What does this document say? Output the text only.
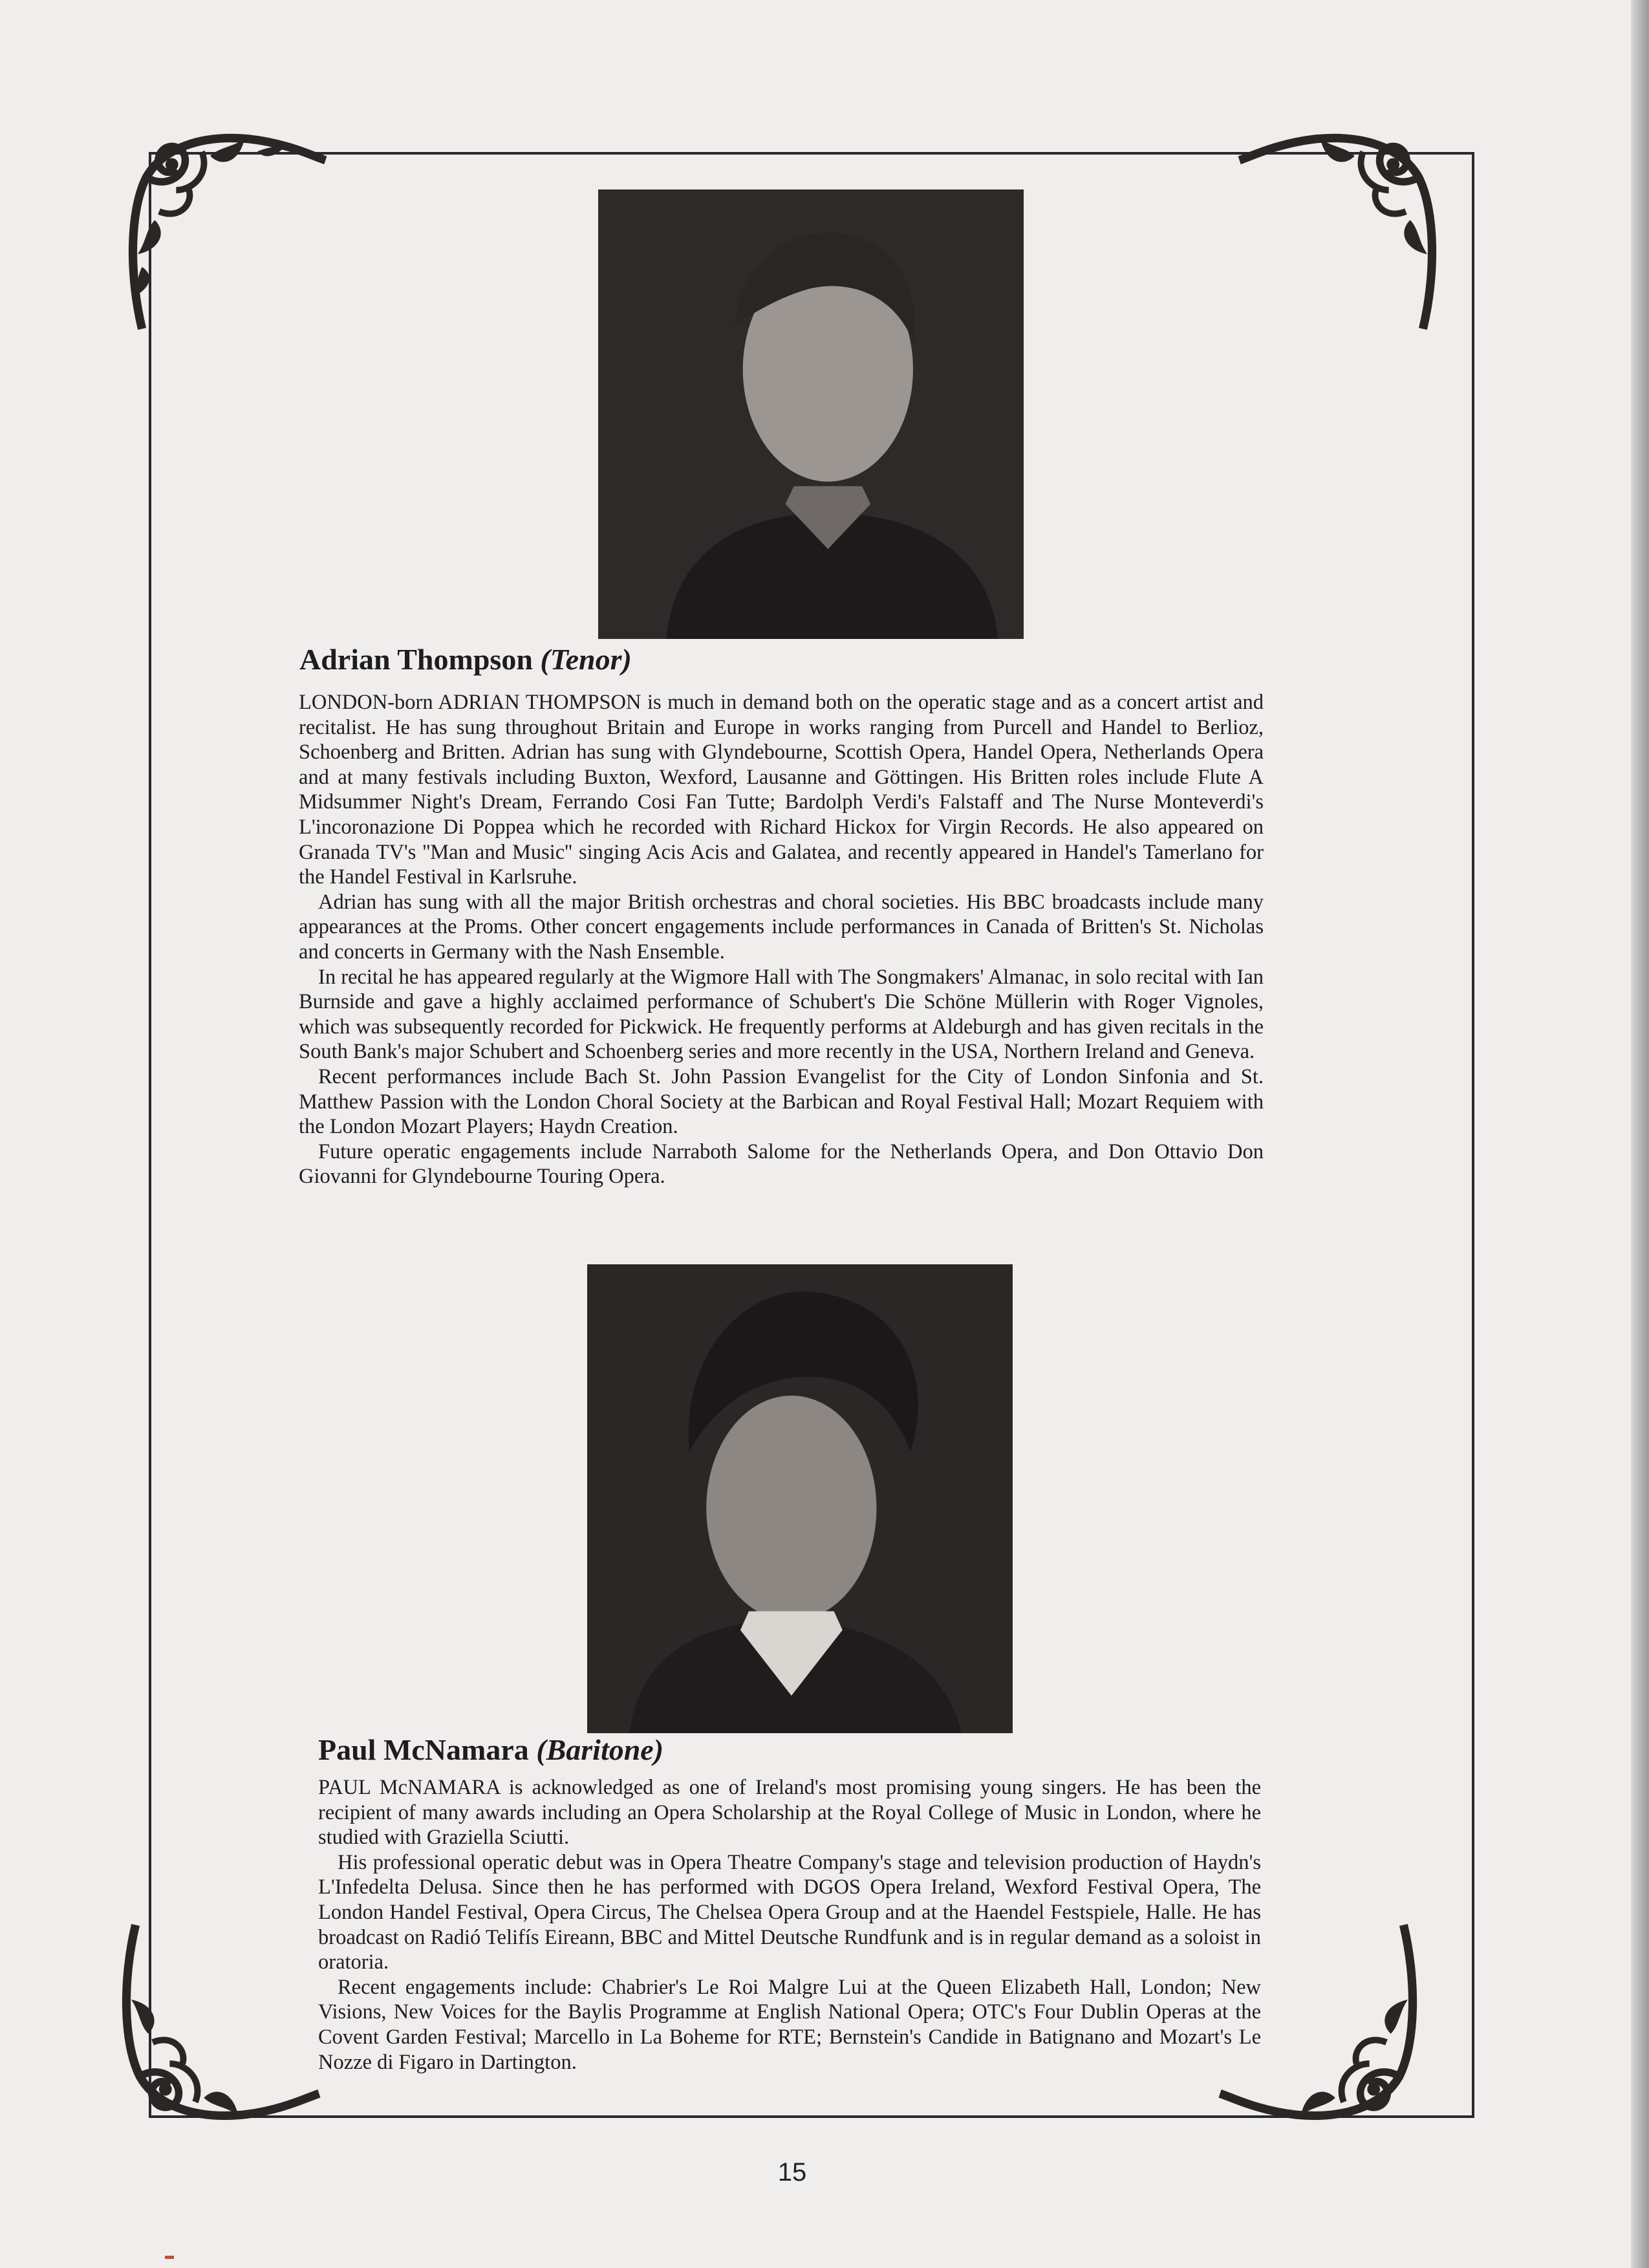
Adrian Thompson (Tenor)

LONDON-born ADRIAN THOMPSON is much in demand both on the operatic stage and as a concert artist and recitalist. He has sung throughout Britain and Europe in works ranging from Purcell and Handel to Berlioz, Schoenberg and Britten. Adrian has sung with Glyndebourne, Scottish Opera, Handel Opera, Netherlands Opera and at many festivals including Buxton, Wexford, Lausanne and Göttingen. His Britten roles include Flute A Midsummer Night's Dream, Ferrando Cosi Fan Tutte; Bardolph Verdi's Falstaff and The Nurse Monteverdi's L'incoronazione Di Poppea which he recorded with Richard Hickox for Virgin Records. He also appeared on Granada TV's ''Man and Music'' singing Acis Acis and Galatea, and recently appeared in Handel's Tamerlano for the Handel Festival in Karlsruhe.

Adrian has sung with all the major British orchestras and choral societies. His BBC broadcasts include many appearances at the Proms. Other concert engagements include performances in Canada of Britten's St. Nicholas and concerts in Germany with the Nash Ensemble.

In recital he has appeared regularly at the Wigmore Hall with The Songmakers' Almanac, in solo recital with Ian Burnside and gave a highly acclaimed performance of Schubert's Die Schöne Müllerin with Roger Vignoles, which was subsequently recorded for Pickwick. He frequently performs at Aldeburgh and has given recitals in the South Bank's major Schubert and Schoenberg series and more recently in the USA, Northern Ireland and Geneva.

Recent performances include Bach St. John Passion Evangelist for the City of London Sinfonia and St. Matthew Passion with the London Choral Society at the Barbican and Royal Festival Hall; Mozart Requiem with the London Mozart Players; Haydn Creation.

Future operatic engagements include Narraboth Salome for the Netherlands Opera, and Don Ottavio Don Giovanni for Glyndebourne Touring Opera.

Paul McNamara (Baritone)

PAUL McNAMARA is acknowledged as one of Ireland's most promising young singers. He has been the recipient of many awards including an Opera Scholarship at the Royal College of Music in London, where he studied with Graziella Sciutti.

His professional operatic debut was in Opera Theatre Company's stage and television production of Haydn's L'Infedelta Delusa. Since then he has performed with DGOS Opera Ireland, Wexford Festival Opera, The London Handel Festival, Opera Circus, The Chelsea Opera Group and at the Haendel Festspiele, Halle. He has broadcast on Radió Telifís Eireann, BBC and Mittel Deutsche Rundfunk and is in regular demand as a soloist in oratoria.

Recent engagements include: Chabrier's Le Roi Malgre Lui at the Queen Elizabeth Hall, London; New Visions, New Voices for the Baylis Programme at English National Opera; OTC's Four Dublin Operas at the Covent Garden Festival; Marcello in La Boheme for RTE; Bernstein's Candide in Batignano and Mozart's Le Nozze di Figaro in Dartington.

15
